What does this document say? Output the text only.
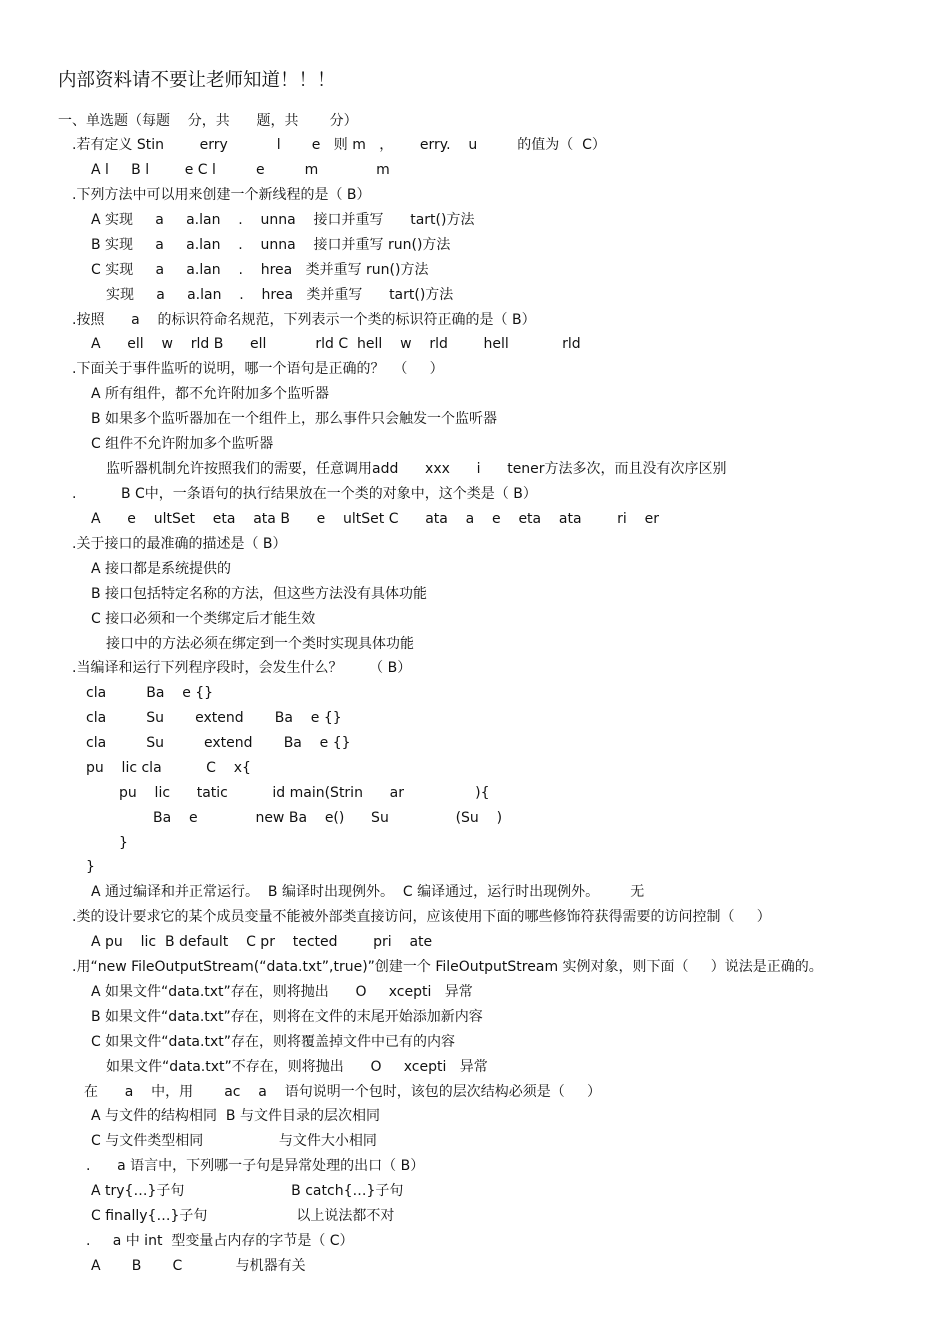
内部资料请不要让老师知道！！！
一、单选题（每题    分，共      题，共       分）
.若有定义 Stin        erry           l       e   则 m   ，      erry.    u         的值为（  C）
A l     B l        e C l         e         m             m
.下列方法中可以用来创建一个新线程的是（ B）
A 实现     a     a.lan    .    unna    接口并重写      tart()方法
B 实现     a     a.lan    .    unna    接口并重写 run()方法
C 实现     a     a.lan    .    hrea   类并重写 run()方法
实现     a     a.lan    .    hrea   类并重写      tart()方法
.按照      a    的标识符命名规范，下列表示一个类的标识符正确的是（ B）
A      ell    w    rld B      ell           rld C  hell    w    rld        hell            rld
.下面关于事件监听的说明，哪一个语句是正确的？  （     ）
A 所有组件，都不允许附加多个监听器
B 如果多个监听器加在一个组件上，那么事件只会触发一个监听器
C 组件不允许附加多个监听器
监听器机制允许按照我们的需要，任意调用add      xxx      i      tener方法多次，而且没有次序区别
.          B C中，一条语句的执行结果放在一个类的对象中，这个类是（ B）
A      e    ultSet    eta    ata B      e    ultSet C      ata    a    e    eta    ata        ri    er
.关于接口的最准确的描述是（ B）
A 接口都是系统提供的
B 接口包括特定名称的方法，但这些方法没有具体功能
C 接口必须和一个类绑定后才能生效
接口中的方法必须在绑定到一个类时实现具体功能
.当编译和运行下列程序段时，会发生什么？      （ B）
cla         Ba    e {}
cla         Su       extend       Ba    e {}
cla         Su         extend       Ba    e {}
pu    lic cla          C    x{
pu    lic      tatic          id main(Strin      ar                ){
Ba    e             new Ba    e()      Su               (Su    )
}
}
A 通过编译和并正常运行。  B 编译时出现例外。  C 编译通过，运行时出现例外。       无
.类的设计要求它的某个成员变量不能被外部类直接访问，应该使用下面的哪些修饰符获得需要的访问控制（     ）
A pu    lic  B default    C pr    tected        pri    ate
.用“new FileOutputStream(“data.txt”,true)”创建一个 FileOutputStream 实例对象，则下面（     ）说法是正确的。
A 如果文件“data.txt”存在，则将抛出      O     xcepti   异常
B 如果文件“data.txt”存在，则将在文件的末尾开始添加新内容
C 如果文件“data.txt”存在，则将覆盖掉文件中已有的内容
如果文件“data.txt”不存在，则将抛出      O     xcepti   异常
在      a    中，用       ac    a    语句说明一个包时，该包的层次结构必须是（     ）
A 与文件的结构相同  B 与文件目录的层次相同
C 与文件类型相同                 与文件大小相同
.      a 语言中，下列哪一子句是异常处理的出口（ B）
A try{…}子句                        B catch{…}子句
C finally{…}子句                    以上说法都不对
.     a 中 int  型变量占内存的字节是（ C）
A       B       C            与机器有关
